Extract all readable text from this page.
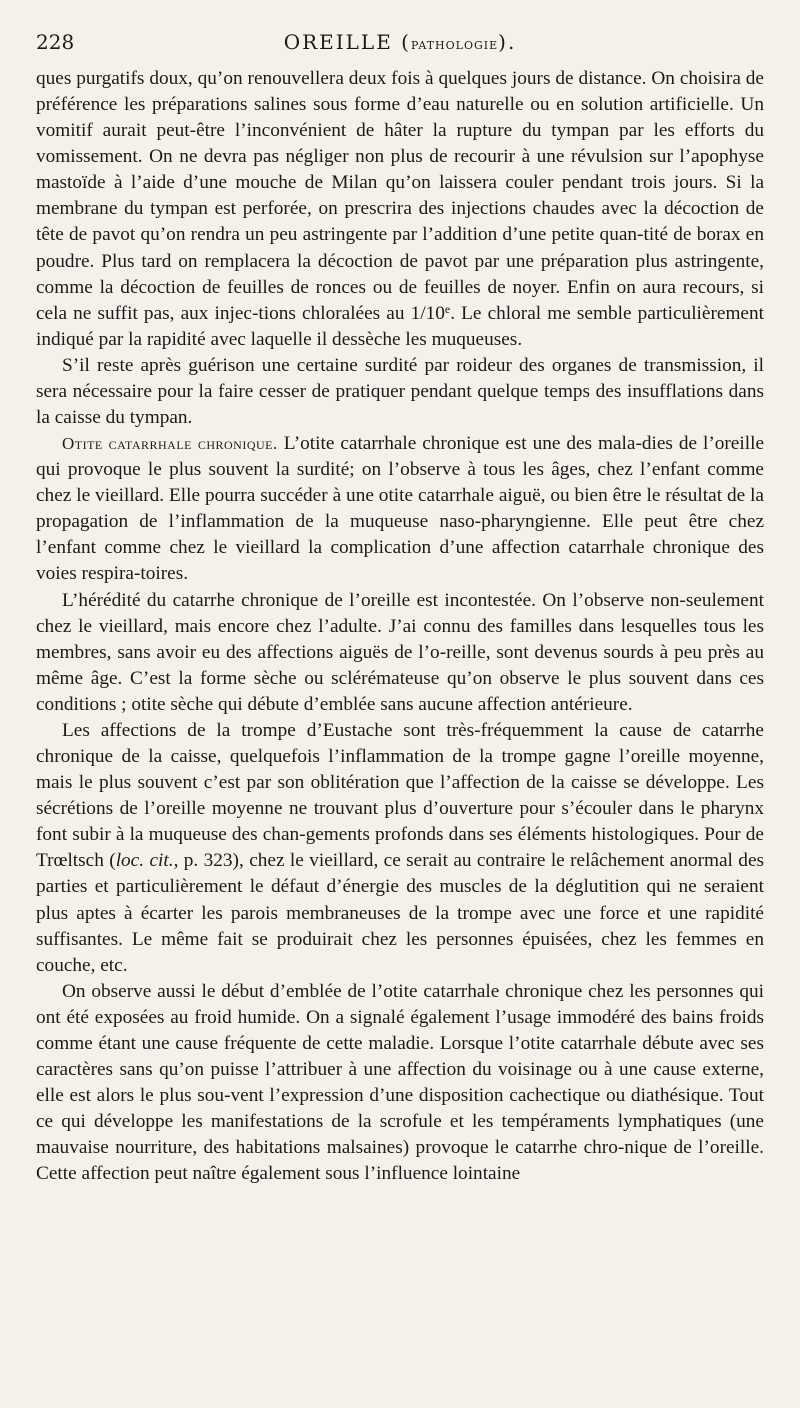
228	OREILLE (pathologie).

ques purgatifs doux, qu’on renouvellera deux fois à quelques jours de distance. On choisira de préférence les préparations salines sous forme d’eau naturelle ou en solution artificielle. Un vomitif aurait peut-être l’inconvénient de hâter la rupture du tympan par les efforts du vomissement. On ne devra pas négliger non plus de recourir à une révulsion sur l’apophyse mastoïde à l’aide d’une mouche de Milan qu’on laissera couler pendant trois jours. Si la membrane du tympan est perforée, on prescrira des injections chaudes avec la décoction de tête de pavot qu’on rendra un peu astringente par l’addition d’une petite quan-tité de borax en poudre. Plus tard on remplacera la décoction de pavot par une préparation plus astringente, comme la décoction de feuilles de ronces ou de feuilles de noyer. Enfin on aura recours, si cela ne suffit pas, aux injec-tions chloralées au 1/10e. Le chloral me semble particulièrement indiqué par la rapidité avec laquelle il dessèche les muqueuses.

S’il reste après guérison une certaine surdité par roideur des organes de transmission, il sera nécessaire pour la faire cesser de pratiquer pendant quelque temps des insufflations dans la caisse du tympan.

Otite catarrhale chronique. L’otite catarrhale chronique est une des mala-dies de l’oreille qui provoque le plus souvent la surdité; on l’observe à tous les âges, chez l’enfant comme chez le vieillard. Elle pourra succéder à une otite catarrhale aiguë, ou bien être le résultat de la propagation de l’inflammation de la muqueuse naso-pharyngienne. Elle peut être chez l’enfant comme chez le vieillard la complication d’une affection catarrhale chronique des voies respira-toires.

L’hérédité du catarrhe chronique de l’oreille est incontestée. On l’observe non-seulement chez le vieillard, mais encore chez l’adulte. J’ai connu des familles dans lesquelles tous les membres, sans avoir eu des affections aiguës de l’o-reille, sont devenus sourds à peu près au même âge. C’est la forme sèche ou sclérémateuse qu’on observe le plus souvent dans ces conditions ; otite sèche qui débute d’emblée sans aucune affection antérieure.

Les affections de la trompe d’Eustache sont très-fréquemment la cause de catarrhe chronique de la caisse, quelquefois l’inflammation de la trompe gagne l’oreille moyenne, mais le plus souvent c’est par son oblitération que l’affection de la caisse se développe. Les sécrétions de l’oreille moyenne ne trouvant plus d’ouverture pour s’écouler dans le pharynx font subir à la muqueuse des chan-gements profonds dans ses éléments histologiques. Pour de Trœltsch (loc. cit., p. 323), chez le vieillard, ce serait au contraire le relâchement anormal des parties et particulièrement le défaut d’énergie des muscles de la déglutition qui ne seraient plus aptes à écarter les parois membraneuses de la trompe avec une force et une rapidité suffisantes. Le même fait se produirait chez les personnes épuisées, chez les femmes en couche, etc.

On observe aussi le début d’emblée de l’otite catarrhale chronique chez les personnes qui ont été exposées au froid humide. On a signalé également l’usage immodéré des bains froids comme étant une cause fréquente de cette maladie. Lorsque l’otite catarrhale débute avec ses caractères sans qu’on puisse l’attribuer à une affection du voisinage ou à une cause externe, elle est alors le plus sou-vent l’expression d’une disposition cachectique ou diathésique. Tout ce qui développe les manifestations de la scrofule et les tempéraments lymphatiques (une mauvaise nourriture, des habitations malsaines) provoque le catarrhe chro-nique de l’oreille. Cette affection peut naître également sous l’influence lointaine
